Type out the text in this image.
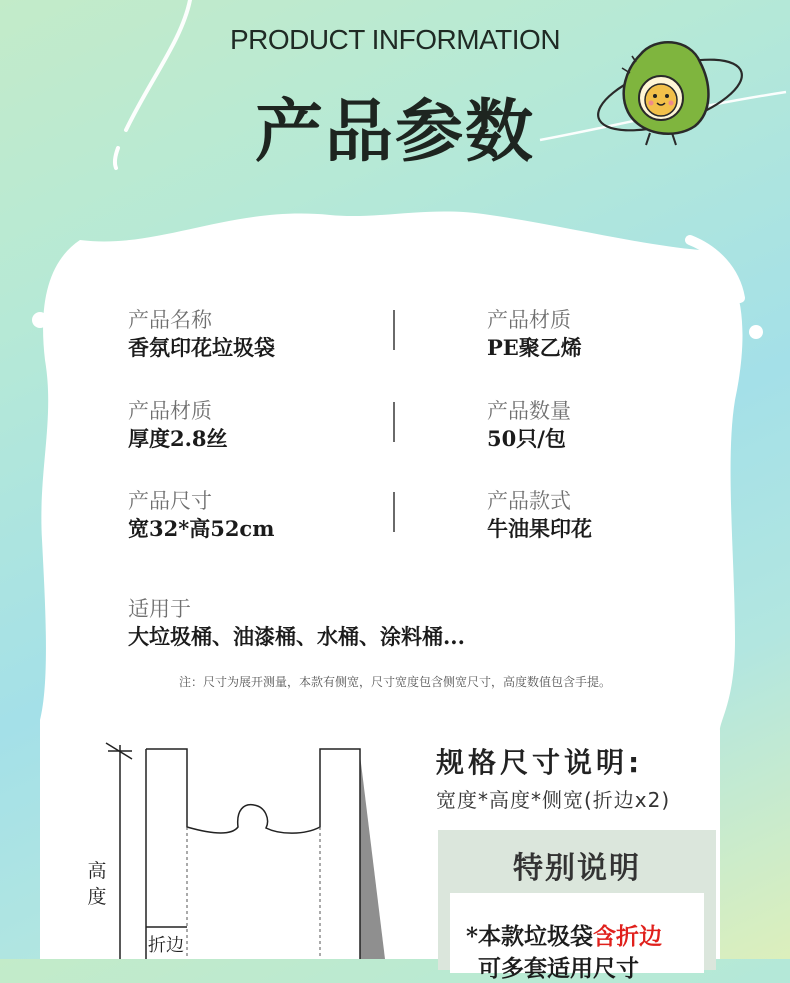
PRODUCT INFORMATION
产品参数
产品名称
香氛印花垃圾袋
产品材质
PE聚乙烯
产品材质
厚度2.8丝
产品数量
50只/包
产品尺寸
宽32*高52cm
产品款式
牛油果印花
适用于
大垃圾桶、油漆桶、水桶、涂料桶...
注：尺寸为展开测量，本款有侧宽，尺寸宽度包含侧宽尺寸，高度数值包含手提。
高度
折边
规格尺寸说明:
宽度*高度*侧宽(折边x2)
特别说明
*本款垃圾袋含折边
可多套适用尺寸
